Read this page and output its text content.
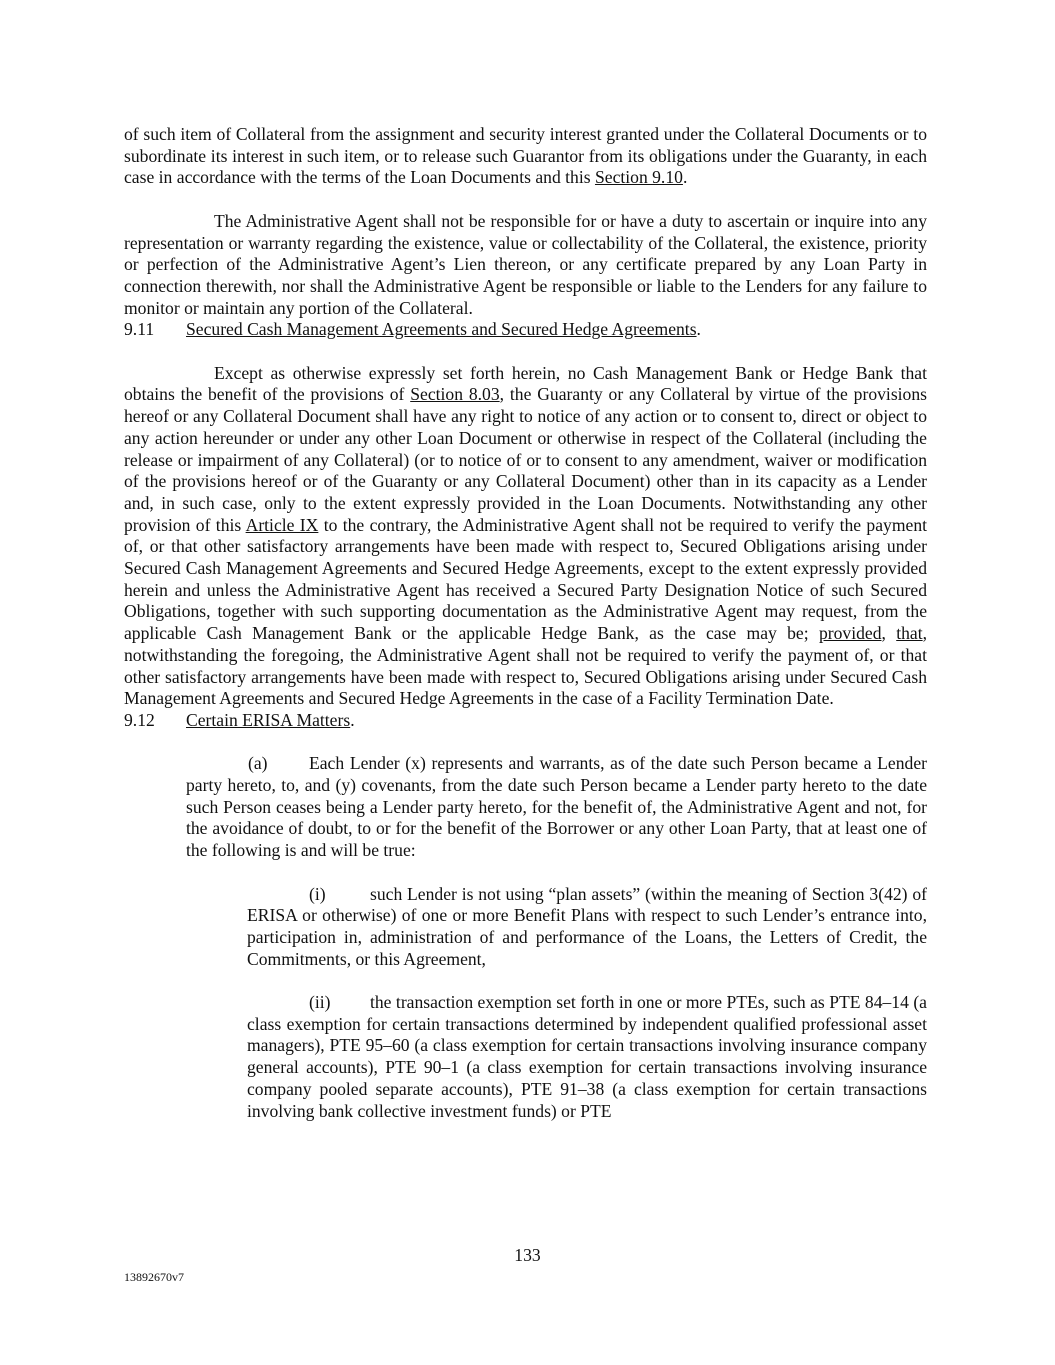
of such item of Collateral from the assignment and security interest granted under the Collateral Documents or to subordinate its interest in such item, or to release such Guarantor from its obligations under the Guaranty, in each case in accordance with the terms of the Loan Documents and this Section 9.10.

The Administrative Agent shall not be responsible for or have a duty to ascertain or inquire into any representation or warranty regarding the existence, value or collectability of the Collateral, the existence, priority or perfection of the Administrative Agent’s Lien thereon, or any certificate prepared by any Loan Party in connection therewith, nor shall the Administrative Agent be responsible or liable to the Lenders for any failure to monitor or maintain any portion of the Collateral.

9.11 Secured Cash Management Agreements and Secured Hedge Agreements.

Except as otherwise expressly set forth herein, no Cash Management Bank or Hedge Bank that obtains the benefit of the provisions of Section 8.03, the Guaranty or any Collateral by virtue of the provisions hereof or any Collateral Document shall have any right to notice of any action or to consent to, direct or object to any action hereunder or under any other Loan Document or otherwise in respect of the Collateral (including the release or impairment of any Collateral) (or to notice of or to consent to any amendment, waiver or modification of the provisions hereof or of the Guaranty or any Collateral Document) other than in its capacity as a Lender and, in such case, only to the extent expressly provided in the Loan Documents. Notwithstanding any other provision of this Article IX to the contrary, the Administrative Agent shall not be required to verify the payment of, or that other satisfactory arrangements have been made with respect to, Secured Obligations arising under Secured Cash Management Agreements and Secured Hedge Agreements, except to the extent expressly provided herein and unless the Administrative Agent has received a Secured Party Designation Notice of such Secured Obligations, together with such supporting documentation as the Administrative Agent may request, from the applicable Cash Management Bank or the applicable Hedge Bank, as the case may be; provided, that, notwithstanding the foregoing, the Administrative Agent shall not be required to verify the payment of, or that other satisfactory arrangements have been made with respect to, Secured Obligations arising under Secured Cash Management Agreements and Secured Hedge Agreements in the case of a Facility Termination Date.

9.12 Certain ERISA Matters.

(a) Each Lender (x) represents and warrants, as of the date such Person became a Lender party hereto, to, and (y) covenants, from the date such Person became a Lender party hereto to the date such Person ceases being a Lender party hereto, for the benefit of, the Administrative Agent and not, for the avoidance of doubt, to or for the benefit of the Borrower or any other Loan Party, that at least one of the following is and will be true:

(i)	such Lender is not using “plan assets” (within the meaning of Section 3(42) of ERISA or otherwise) of one or more Benefit Plans with respect to such Lender’s entrance into, participation in, administration of and performance of the Loans, the Letters of Credit, the Commitments, or this Agreement,

(ii) the transaction exemption set forth in one or more PTEs, such as PTE 84–14 (a class exemption for certain transactions determined by independent qualified professional asset managers), PTE 95–60 (a class exemption for certain transactions involving insurance company general accounts), PTE 90–1 (a class exemption for certain transactions involving insurance company pooled separate accounts), PTE 91–38 (a class exemption for certain transactions involving bank collective investment funds) or PTE

133
13892670v7
